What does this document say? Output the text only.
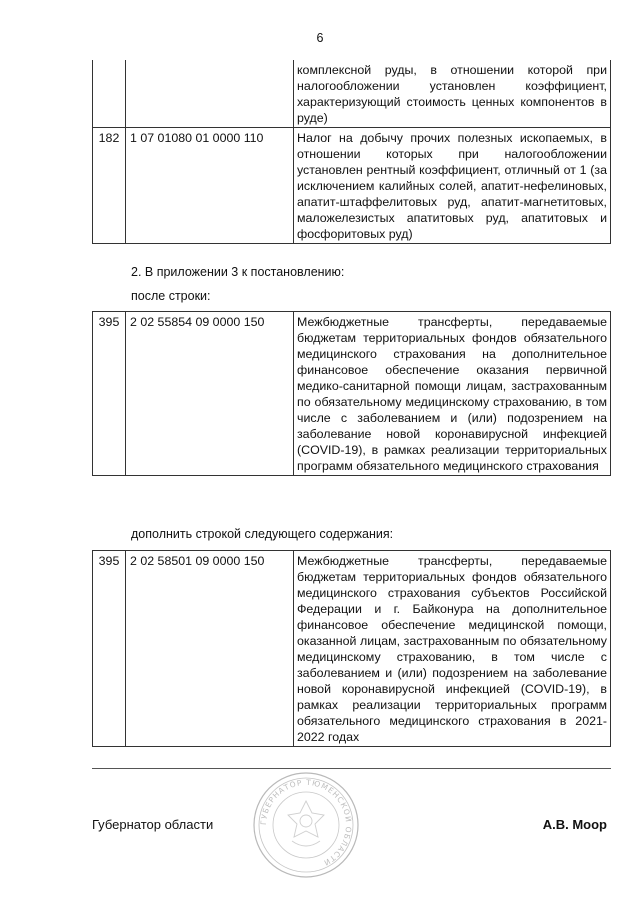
6
		комплексной руды, в отношении которой при налогообложении установлен коэффициент, характеризующий стоимость ценных компонентов в руде)
182	1 07 01080 01 0000 110	Налог на добычу прочих полезных ископаемых, в отношении которых при налогообложении установлен рентный коэффициент, отличный от 1 (за исключением калийных солей, апатит-нефелиновых, апатит-штаффелитовых руд, апатит-магнетитовых, маложелезистых апатитовых руд, апатитовых и фосфоритовых руд)
2. В приложении 3 к постановлению:
после строки:
395	2 02 55854 09 0000 150	Межбюджетные трансферты, передаваемые бюджетам территориальных фондов обязательного медицинского страхования на дополнительное финансовое обеспечение оказания первичной медико-санитарной помощи лицам, застрахованным по обязательному медицинскому страхованию, в том числе с заболеванием и (или) подозрением на заболевание новой коронавирусной инфекцией (COVID-19), в рамках реализации территориальных программ обязательного медицинского страхования
дополнить строкой следующего содержания:
395	2 02 58501 09 0000 150	Межбюджетные трансферты, передаваемые бюджетам территориальных фондов обязательного медицинского страхования субъектов Российской Федерации и г. Байконура на дополнительное финансовое обеспечение медицинской помощи, оказанной лицам, застрахованным по обязательному медицинскому страхованию, в том числе с заболеванием и (или) подозрением на заболевание новой коронавирусной инфекцией (COVID-19), в рамках реализации территориальных программ обязательного медицинского страхования в 2021-2022 годах
Губернатор области	ГУБЕРНАТОР ТЮМЕНСКОЙ ОБЛАСТИ
А.В. Моор
